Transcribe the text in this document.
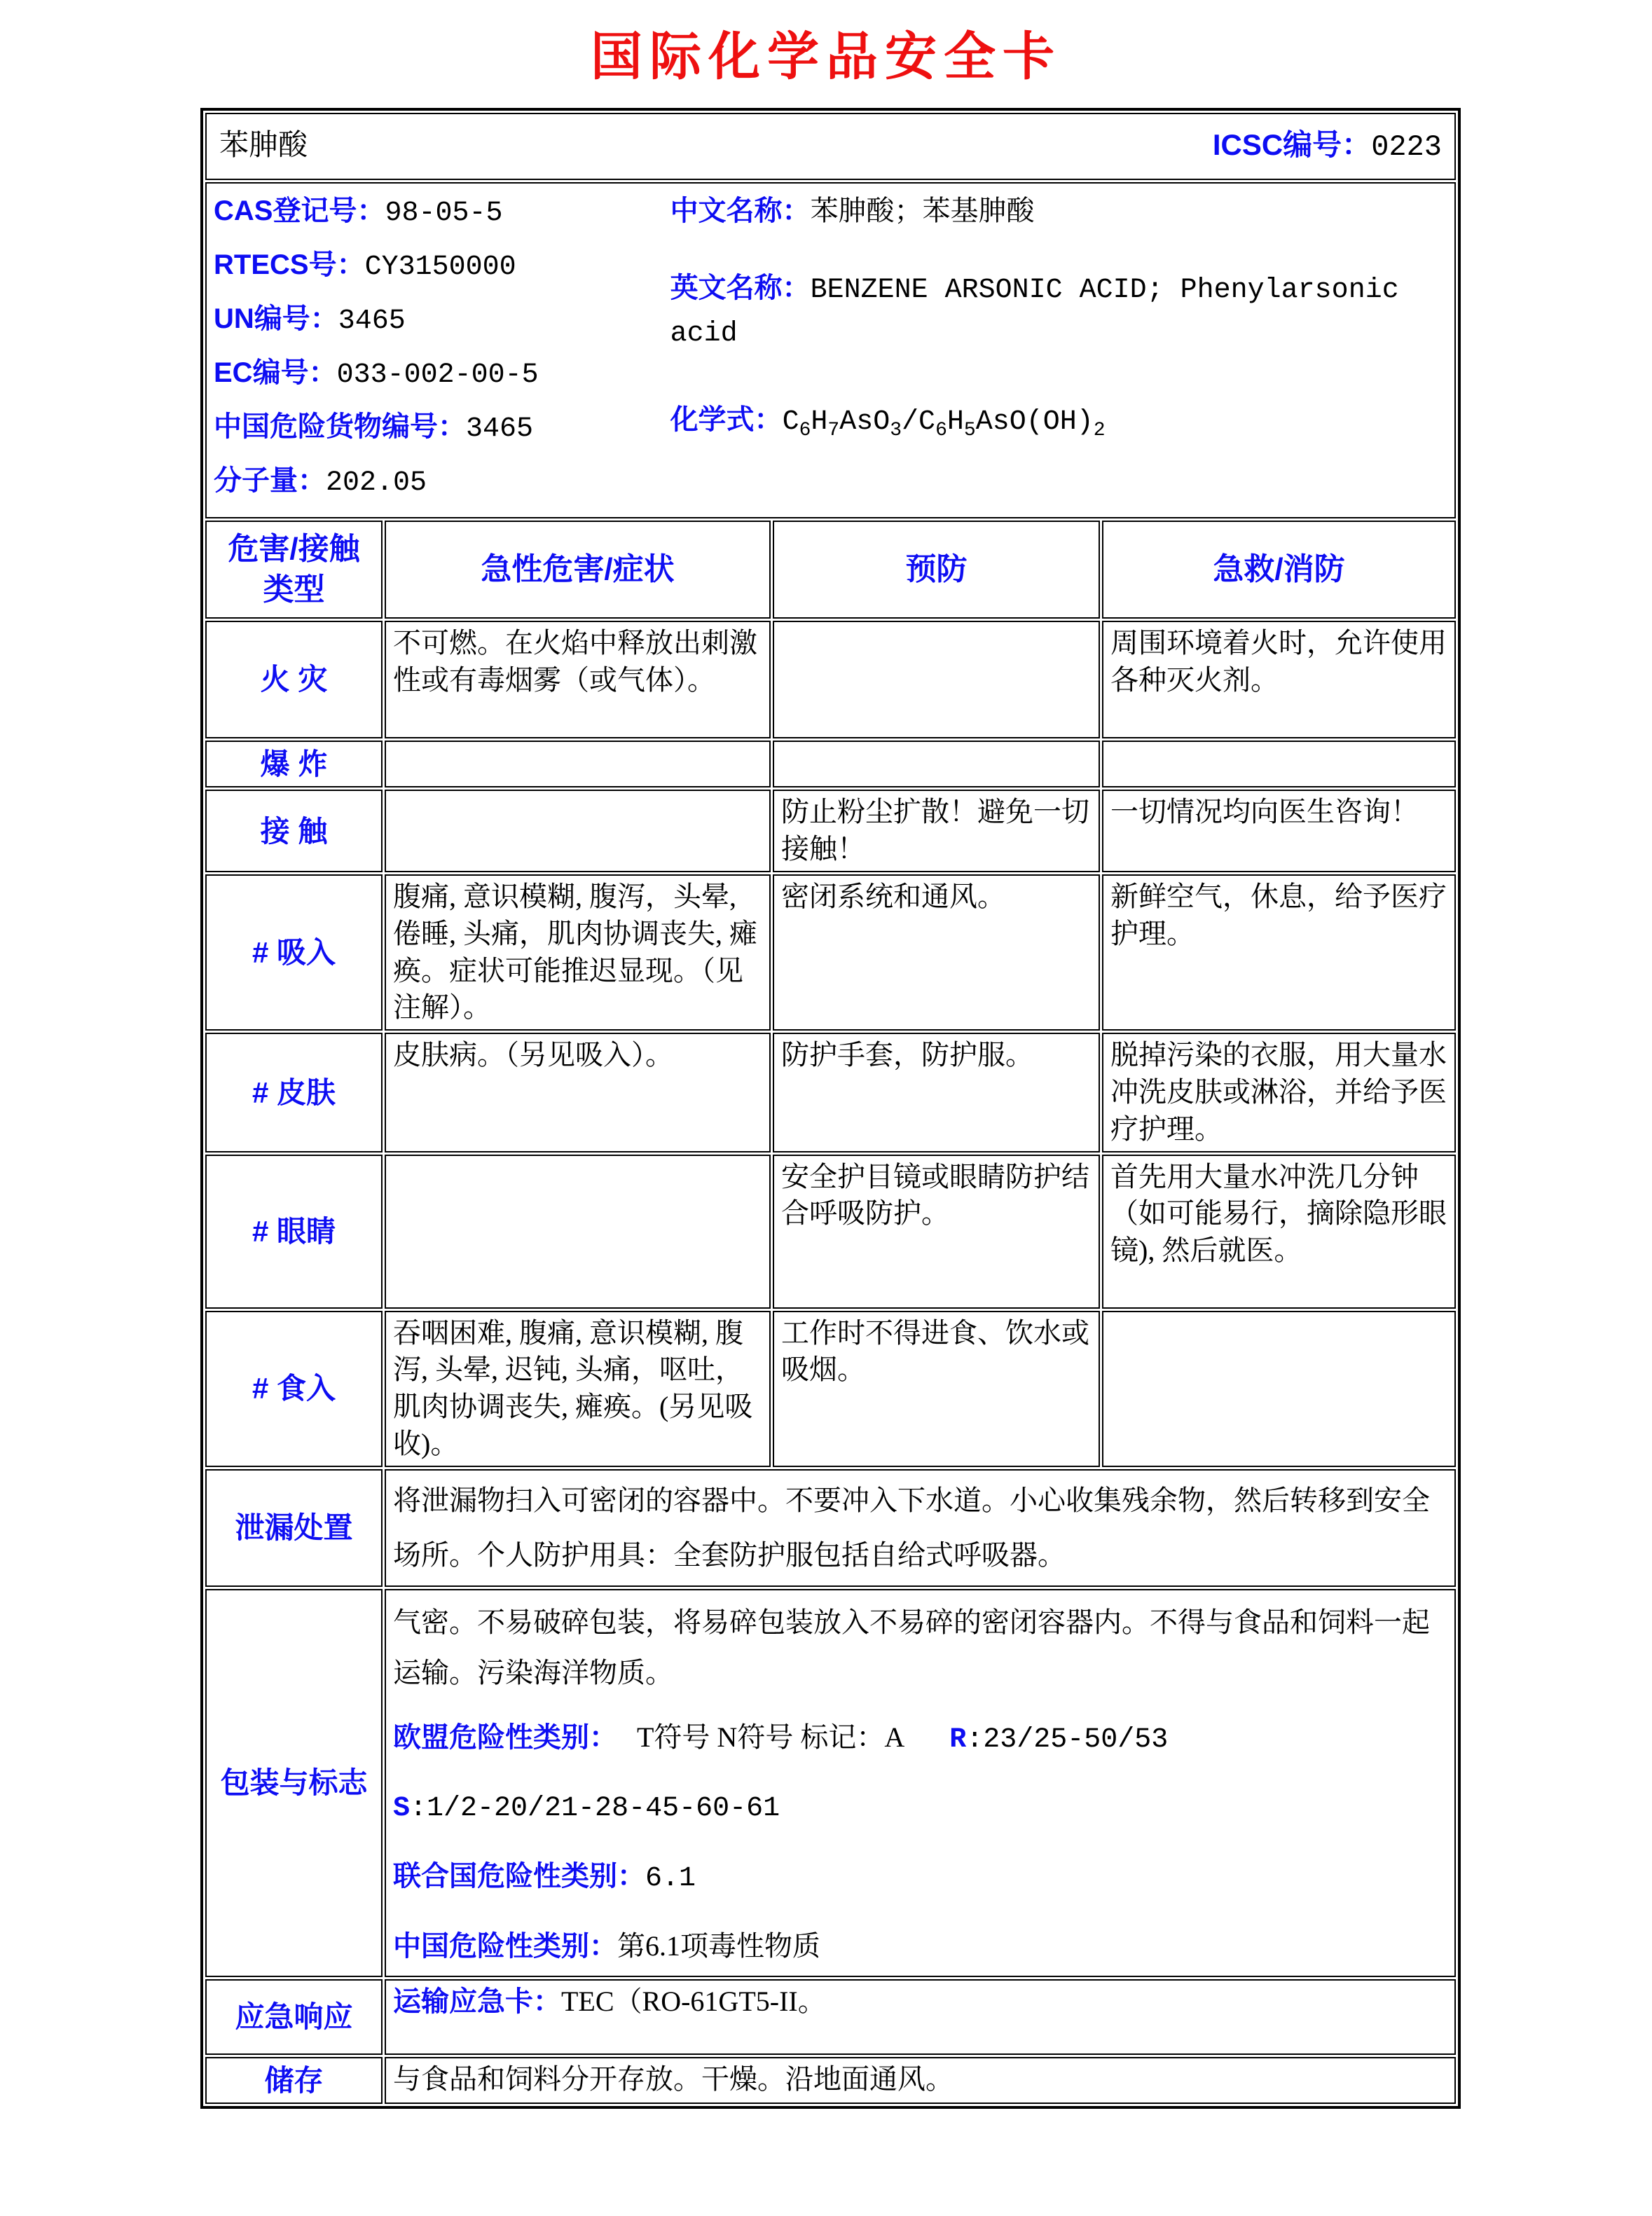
国际化学品安全卡
苯胂酸 ICSC编号：0223			

CAS登记号：98-05-5
RTECS号：CY3150000
UN编号：3465
EC编号：033-002-00-5
中国危险货物编号：3465
分子量：202.05
中文名称：苯胂酸；苯基胂酸
英文名称：BENZENE ARSONIC ACID; Phenylarsonic acid
化学式：$C_6H_7AsO_3/C_6H_5AsO(OH)_2$

危害/接触 类型	急性危害/症状	预防	急救/消防
火 灾	不可燃。在火焰中释放出刺激性或有毒烟雾（或气体）。		周围环境着火时，允许使用各种灭火剂。
爆 炸			
接 触		防止粉尘扩散！避免一切接触！	一切情况均向医生咨询！
# 吸入	腹痛, 意识模糊, 腹泻，头晕, 倦睡, 头痛，肌肉协调丧失, 瘫痪。症状可能推迟显现。（见注解）。	密闭系统和通风。	新鲜空气，休息，给予医疗护理。
# 皮肤	皮肤病。（另见吸入）。	防护手套，防护服。	脱掉污染的衣服，用大量水冲洗皮肤或淋浴，并给予医疗护理。
# 眼睛		安全护目镜或眼睛防护结合呼吸防护。	首先用大量水冲洗几分钟（如可能易行，摘除隐形眼镜), 然后就医。
# 食入	吞咽困难, 腹痛, 意识模糊, 腹泻, 头晕, 迟钝, 头痛，呕吐，肌肉协调丧失, 瘫痪。(另见吸收)。	工作时不得进食、饮水或吸烟。	
泄漏处置	将泄漏物扫入可密闭的容器中。不要冲入下水道。小心收集残余物，然后转移到安全场所。个人防护用具：全套防护服包括自给式呼吸器。		
包装与标志	气密。不易破碎包装，将易碎包装放入不易碎的密闭容器内。不得与食品和饲料一起运输。污染海洋物质。
欧盟危险性类别： T符号 N符号 标记：A R:23/25-50/53
S:1/2-20/21-28-45-60-61
联合国危险性类别：6.1
中国危险性类别：第6.1项毒性物质		

应急响应	运输应急卡：TEC（RO-61GT5-II。		
储存	与食品和饲料分开存放。干燥。沿地面通风。		
